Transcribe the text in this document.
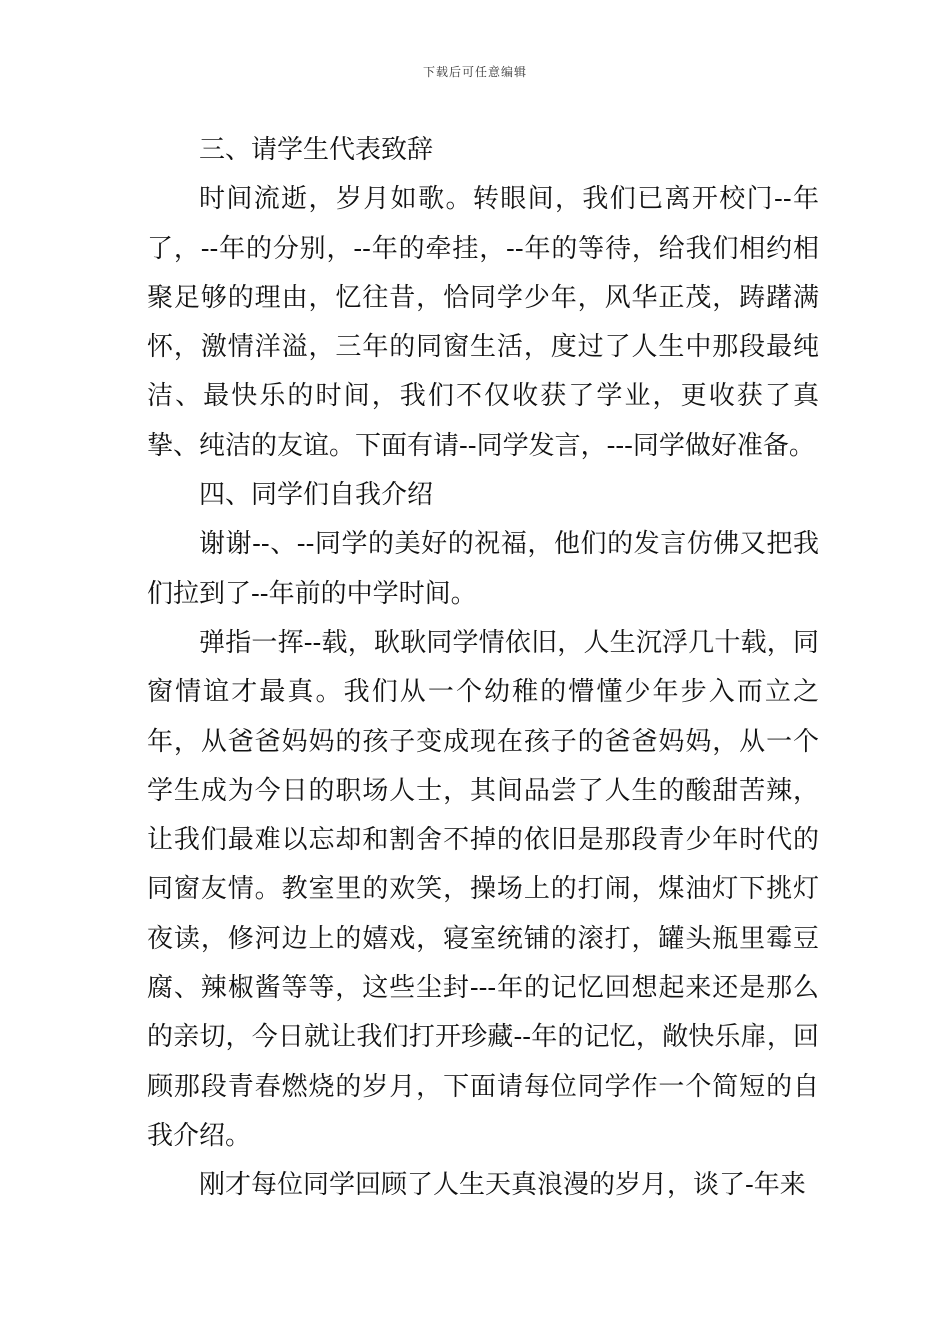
下载后可任意编辑

三、请学生代表致辞

时间流逝，岁月如歌。转眼间，我们已离开校门--年了，--年的分别，--年的牵挂，--年的等待，给我们相约相聚足够的理由，忆往昔，恰同学少年，风华正茂，踌躇满怀，激情洋溢，三年的同窗生活，度过了人生中那段最纯洁、最快乐的时间，我们不仅收获了学业，更收获了真挚、纯洁的友谊。下面有请--同学发言，---同学做好准备。

四、同学们自我介绍

谢谢--、--同学的美好的祝福，他们的发言仿佛又把我们拉到了--年前的中学时间。

弹指一挥--载，耿耿同学情依旧，人生沉浮几十载，同窗情谊才最真。我们从一个幼稚的懵懂少年步入而立之年，从爸爸妈妈的孩子变成现在孩子的爸爸妈妈，从一个学生成为今日的职场人士，其间品尝了人生的酸甜苦辣，让我们最难以忘却和割舍不掉的依旧是那段青少年时代的同窗友情。教室里的欢笑，操场上的打闹，煤油灯下挑灯夜读，修河边上的嬉戏，寝室统铺的滚打，罐头瓶里霉豆腐、辣椒酱等等，这些尘封---年的记忆回想起来还是那么的亲切，今日就让我们打开珍藏--年的记忆，敞快乐扉，回顾那段青春燃烧的岁月，下面请每位同学作一个简短的自我介绍。

刚才每位同学回顾了人生天真浪漫的岁月，谈了-年来
